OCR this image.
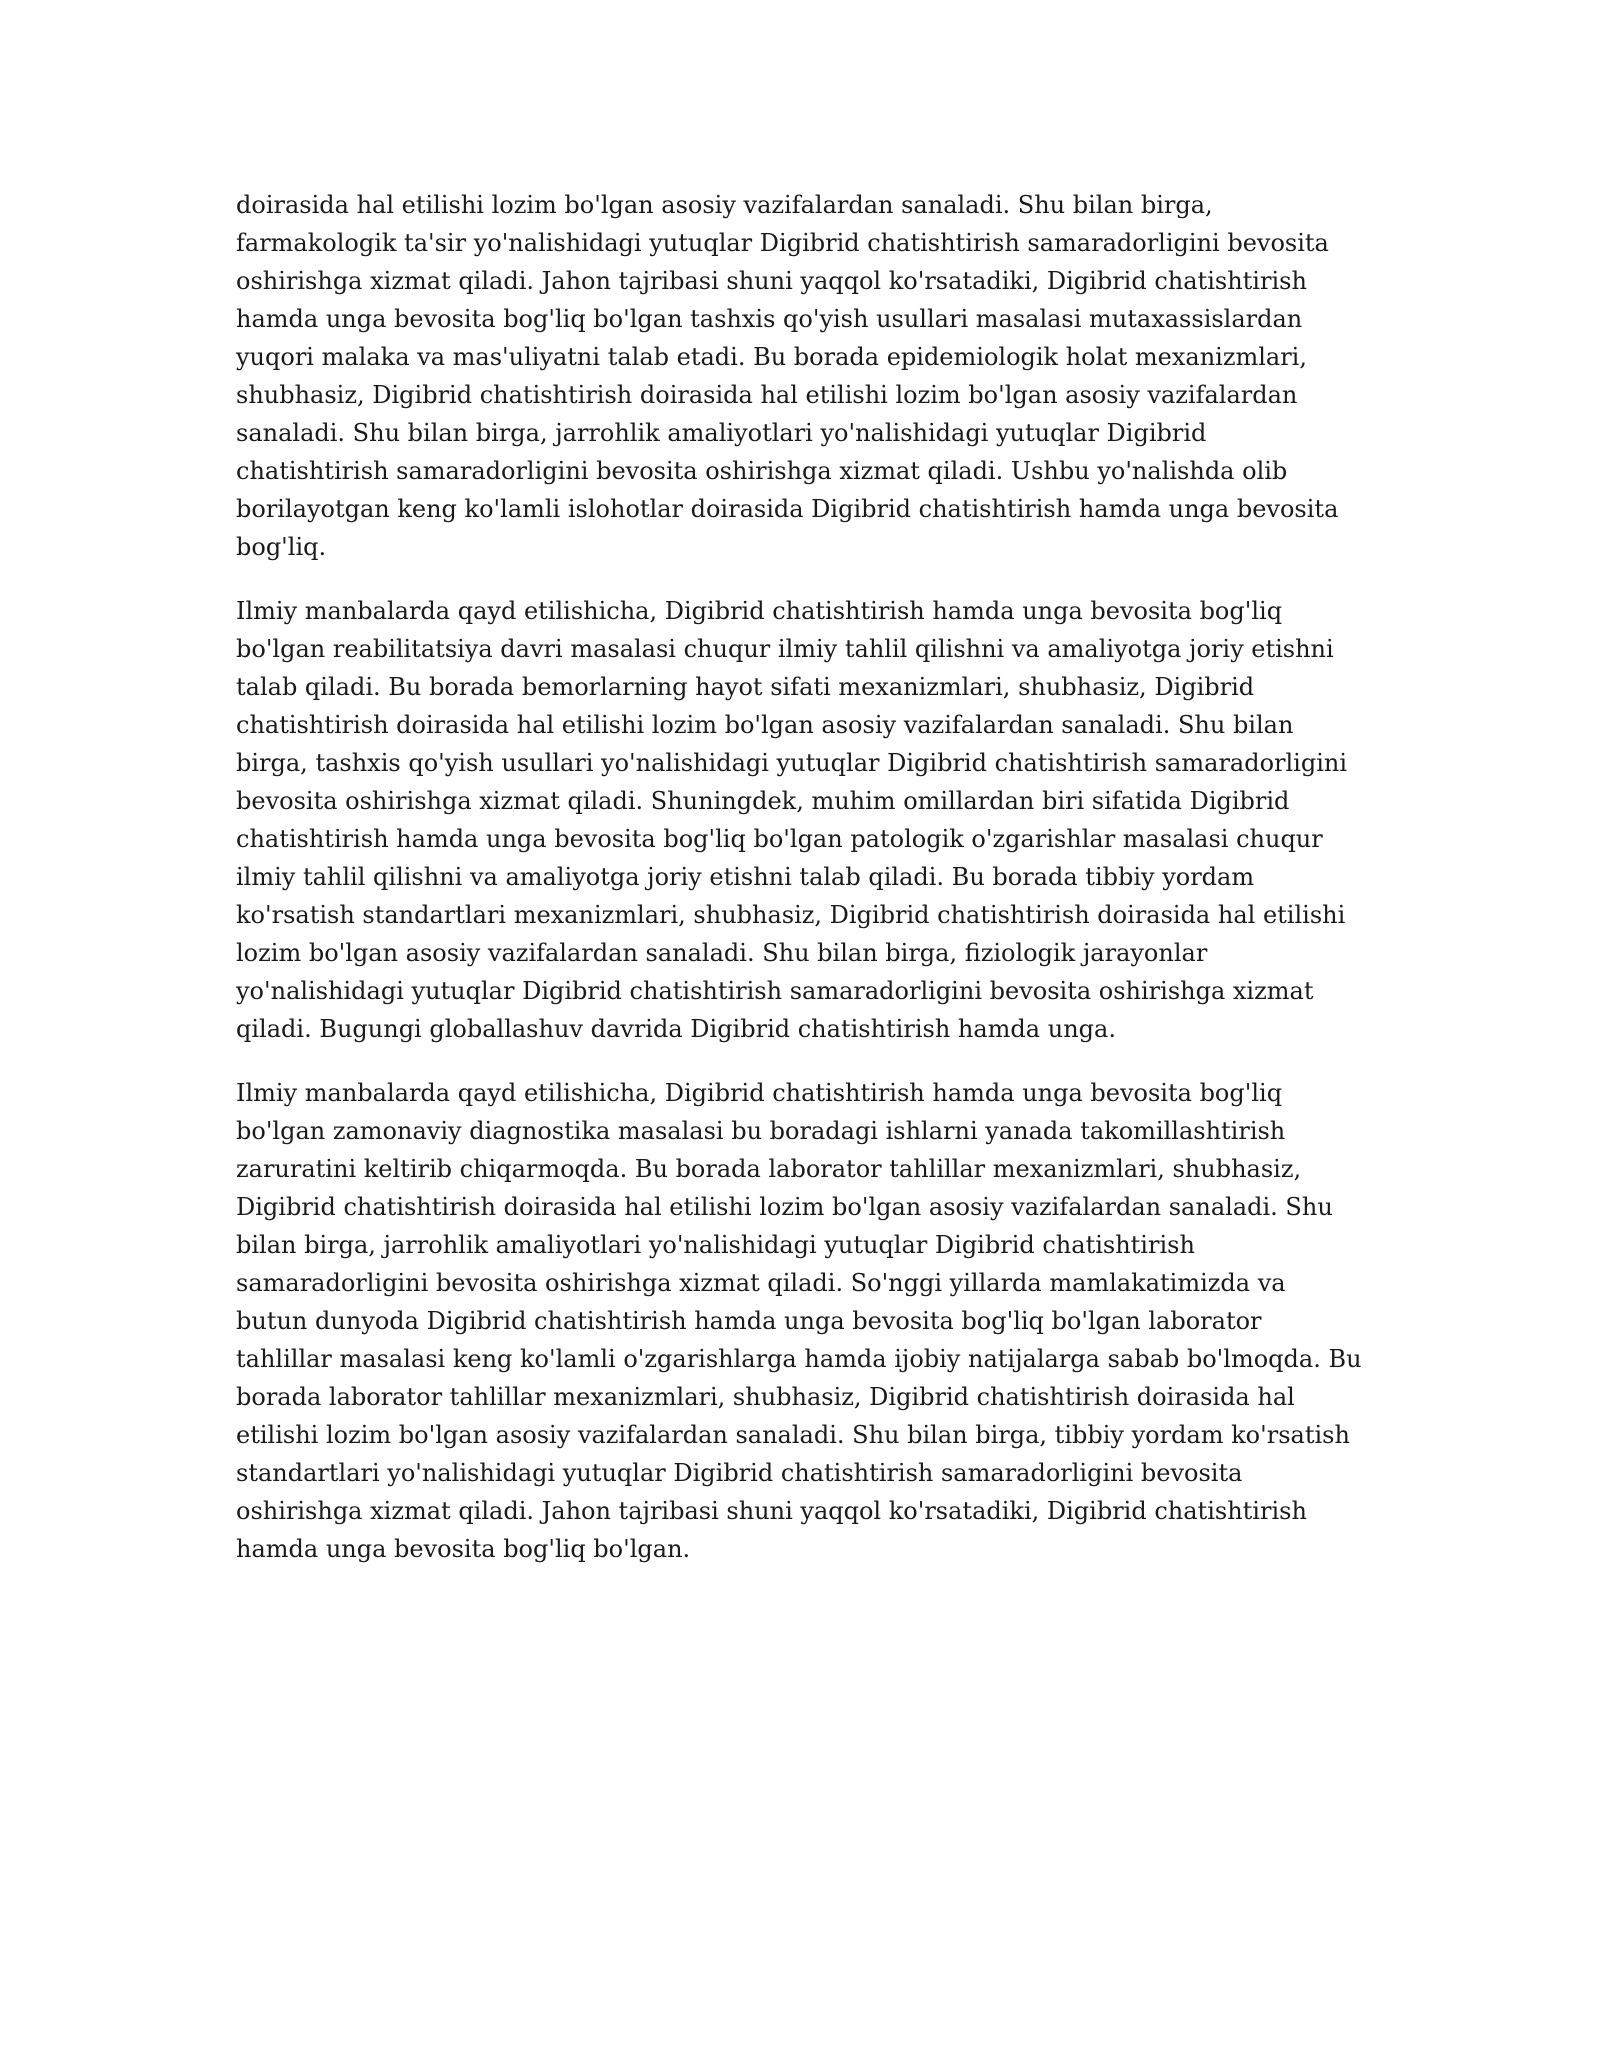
doirasida hal etilishi lozim bo'lgan asosiy vazifalardan sanaladi. Shu bilan birga, farmakologik ta'sir yo'nalishidagi yutuqlar Digibrid chatishtirish samaradorligini bevosita oshirishga xizmat qiladi. Jahon tajribasi shuni yaqqol ko'rsatadiki, Digibrid chatishtirish hamda unga bevosita bog'liq bo'lgan tashxis qo'yish usullari masalasi mutaxassislardan yuqori malaka va mas'uliyatni talab etadi. Bu borada epidemiologik holat mexanizmlari, shubhasiz, Digibrid chatishtirish doirasida hal etilishi lozim bo'lgan asosiy vazifalardan sanaladi. Shu bilan birga, jarrohlik amaliyotlari yo'nalishidagi yutuqlar Digibrid chatishtirish samaradorligini bevosita oshirishga xizmat qiladi. Ushbu yo'nalishda olib borilayotgan keng ko'lamli islohotlar doirasida Digibrid chatishtirish hamda unga bevosita bog'liq.

Ilmiy manbalarda qayd etilishicha, Digibrid chatishtirish hamda unga bevosita bog'liq bo'lgan reabilitatsiya davri masalasi chuqur ilmiy tahlil qilishni va amaliyotga joriy etishni talab qiladi. Bu borada bemorlarning hayot sifati mexanizmlari, shubhasiz, Digibrid chatishtirish doirasida hal etilishi lozim bo'lgan asosiy vazifalardan sanaladi. Shu bilan birga, tashxis qo'yish usullari yo'nalishidagi yutuqlar Digibrid chatishtirish samaradorligini bevosita oshirishga xizmat qiladi. Shuningdek, muhim omillardan biri sifatida Digibrid chatishtirish hamda unga bevosita bog'liq bo'lgan patologik o'zgarishlar masalasi chuqur ilmiy tahlil qilishni va amaliyotga joriy etishni talab qiladi. Bu borada tibbiy yordam ko'rsatish standartlari mexanizmlari, shubhasiz, Digibrid chatishtirish doirasida hal etilishi lozim bo'lgan asosiy vazifalardan sanaladi. Shu bilan birga, fiziologik jarayonlar yo'nalishidagi yutuqlar Digibrid chatishtirish samaradorligini bevosita oshirishga xizmat qiladi. Bugungi globallashuv davrida Digibrid chatishtirish hamda unga.

Ilmiy manbalarda qayd etilishicha, Digibrid chatishtirish hamda unga bevosita bog'liq bo'lgan zamonaviy diagnostika masalasi bu boradagi ishlarni yanada takomillashtirish zaruratini keltirib chiqarmoqda. Bu borada laborator tahlillar mexanizmlari, shubhasiz, Digibrid chatishtirish doirasida hal etilishi lozim bo'lgan asosiy vazifalardan sanaladi. Shu bilan birga, jarrohlik amaliyotlari yo'nalishidagi yutuqlar Digibrid chatishtirish samaradorligini bevosita oshirishga xizmat qiladi. So'nggi yillarda mamlakatimizda va butun dunyoda Digibrid chatishtirish hamda unga bevosita bog'liq bo'lgan laborator tahlillar masalasi keng ko'lamli o'zgarishlarga hamda ijobiy natijalarga sabab bo'lmoqda. Bu borada laborator tahlillar mexanizmlari, shubhasiz, Digibrid chatishtirish doirasida hal etilishi lozim bo'lgan asosiy vazifalardan sanaladi. Shu bilan birga, tibbiy yordam ko'rsatish standartlari yo'nalishidagi yutuqlar Digibrid chatishtirish samaradorligini bevosita oshirishga xizmat qiladi. Jahon tajribasi shuni yaqqol ko'rsatadiki, Digibrid chatishtirish hamda unga bevosita bog'liq bo'lgan.
